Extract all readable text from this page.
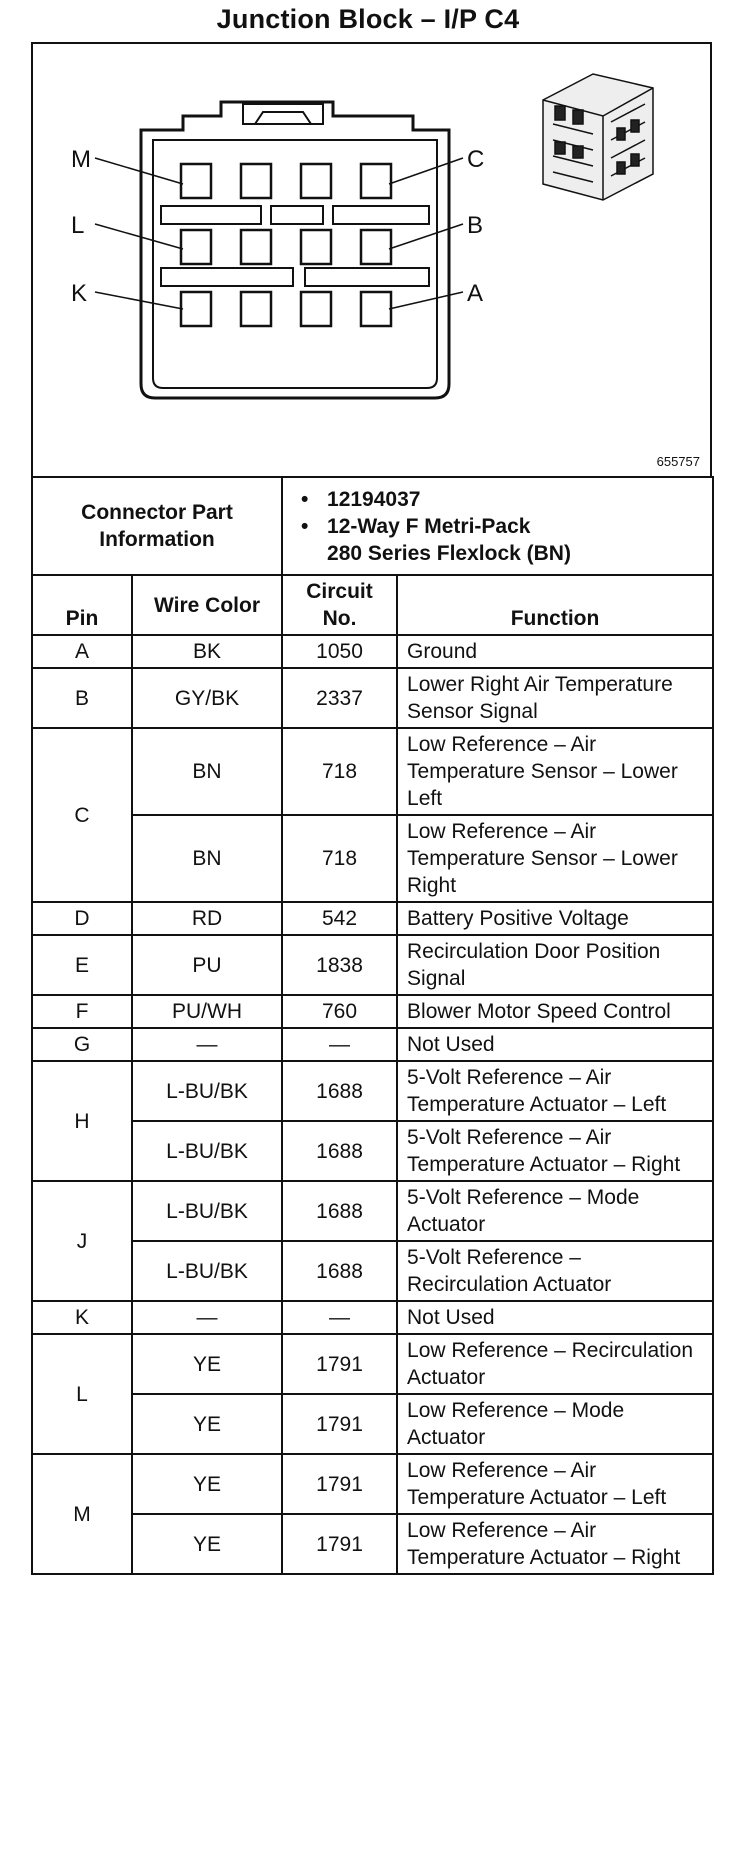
Junction Block – I/P C4
M
L
K
C
B
A
655757
Connector Part Information		• 12194037
• 12-Way F Metri-Pack
280 Series Flexlock (BN)	

Pin	Wire Color	Circuit No.	Function
A	BK	1050	Ground
B	GY/BK	2337	Lower Right Air Temperature Sensor Signal
C	BN	718	Low Reference – Air Temperature Sensor – Lower Left
	BN	718	Low Reference – Air Temperature Sensor – Lower Right
D	RD	542	Battery Positive Voltage
E	PU	1838	Recirculation Door Position Signal
F	PU/WH	760	Blower Motor Speed Control
G	—	—	Not Used
H	L-BU/BK	1688	5-Volt Reference – Air Temperature Actuator – Left
	L-BU/BK	1688	5-Volt Reference – Air Temperature Actuator – Right
J	L-BU/BK	1688	5-Volt Reference – Mode Actuator
	L-BU/BK	1688	5-Volt Reference – Recirculation Actuator
K	—	—	Not Used
L	YE	1791	Low Reference – Recirculation Actuator
	YE	1791	Low Reference – Mode Actuator
M	YE	1791	Low Reference – Air Temperature Actuator – Left
	YE	1791	Low Reference – Air Temperature Actuator – Right
